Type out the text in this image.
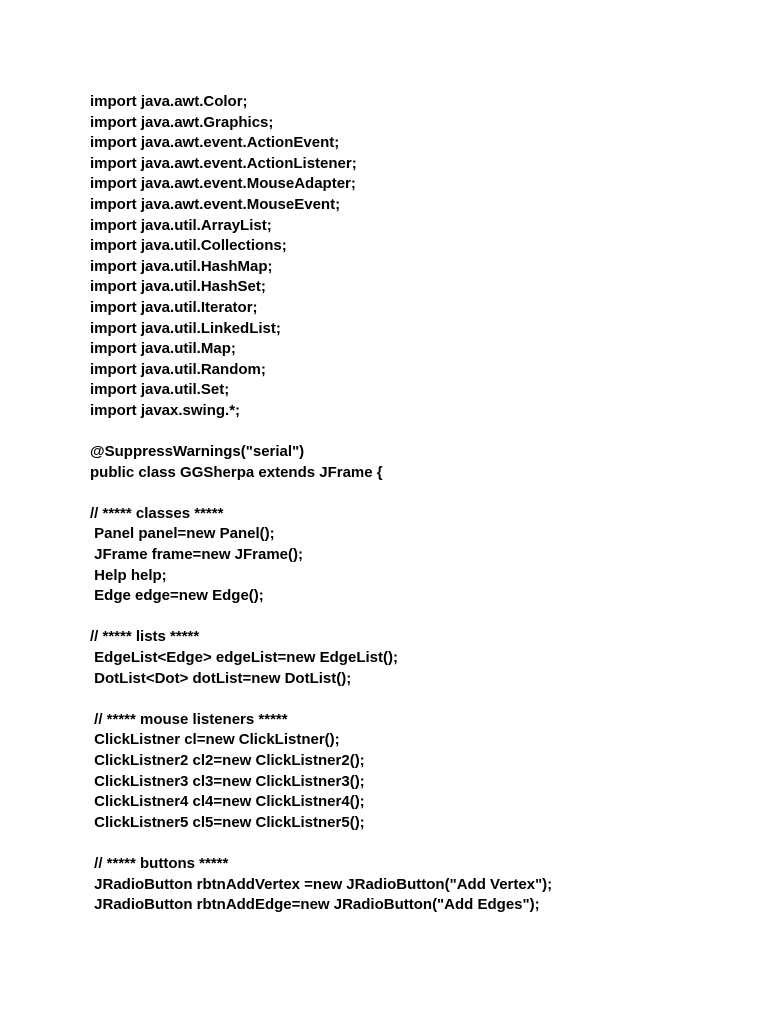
import java.awt.Color;
import java.awt.Graphics;
import java.awt.event.ActionEvent;
import java.awt.event.ActionListener;
import java.awt.event.MouseAdapter;
import java.awt.event.MouseEvent;
import java.util.ArrayList;
import java.util.Collections;
import java.util.HashMap;
import java.util.HashSet;
import java.util.Iterator;
import java.util.LinkedList;
import java.util.Map;
import java.util.Random;
import java.util.Set;
import javax.swing.*;
@SuppressWarnings("serial")
public class GGSherpa extends JFrame {
// ***** classes *****
Panel panel=new Panel();
JFrame frame=new JFrame();
Help help;
Edge edge=new Edge();
// ***** lists *****
EdgeList<Edge> edgeList=new EdgeList();
DotList<Dot> dotList=new DotList();
// ***** mouse listeners *****
ClickListner cl=new ClickListner();
ClickListner2 cl2=new ClickListner2();
ClickListner3 cl3=new ClickListner3();
ClickListner4 cl4=new ClickListner4();
ClickListner5 cl5=new ClickListner5();
// ***** buttons *****
JRadioButton rbtnAddVertex =new JRadioButton("Add Vertex");
JRadioButton rbtnAddEdge=new JRadioButton("Add Edges");
